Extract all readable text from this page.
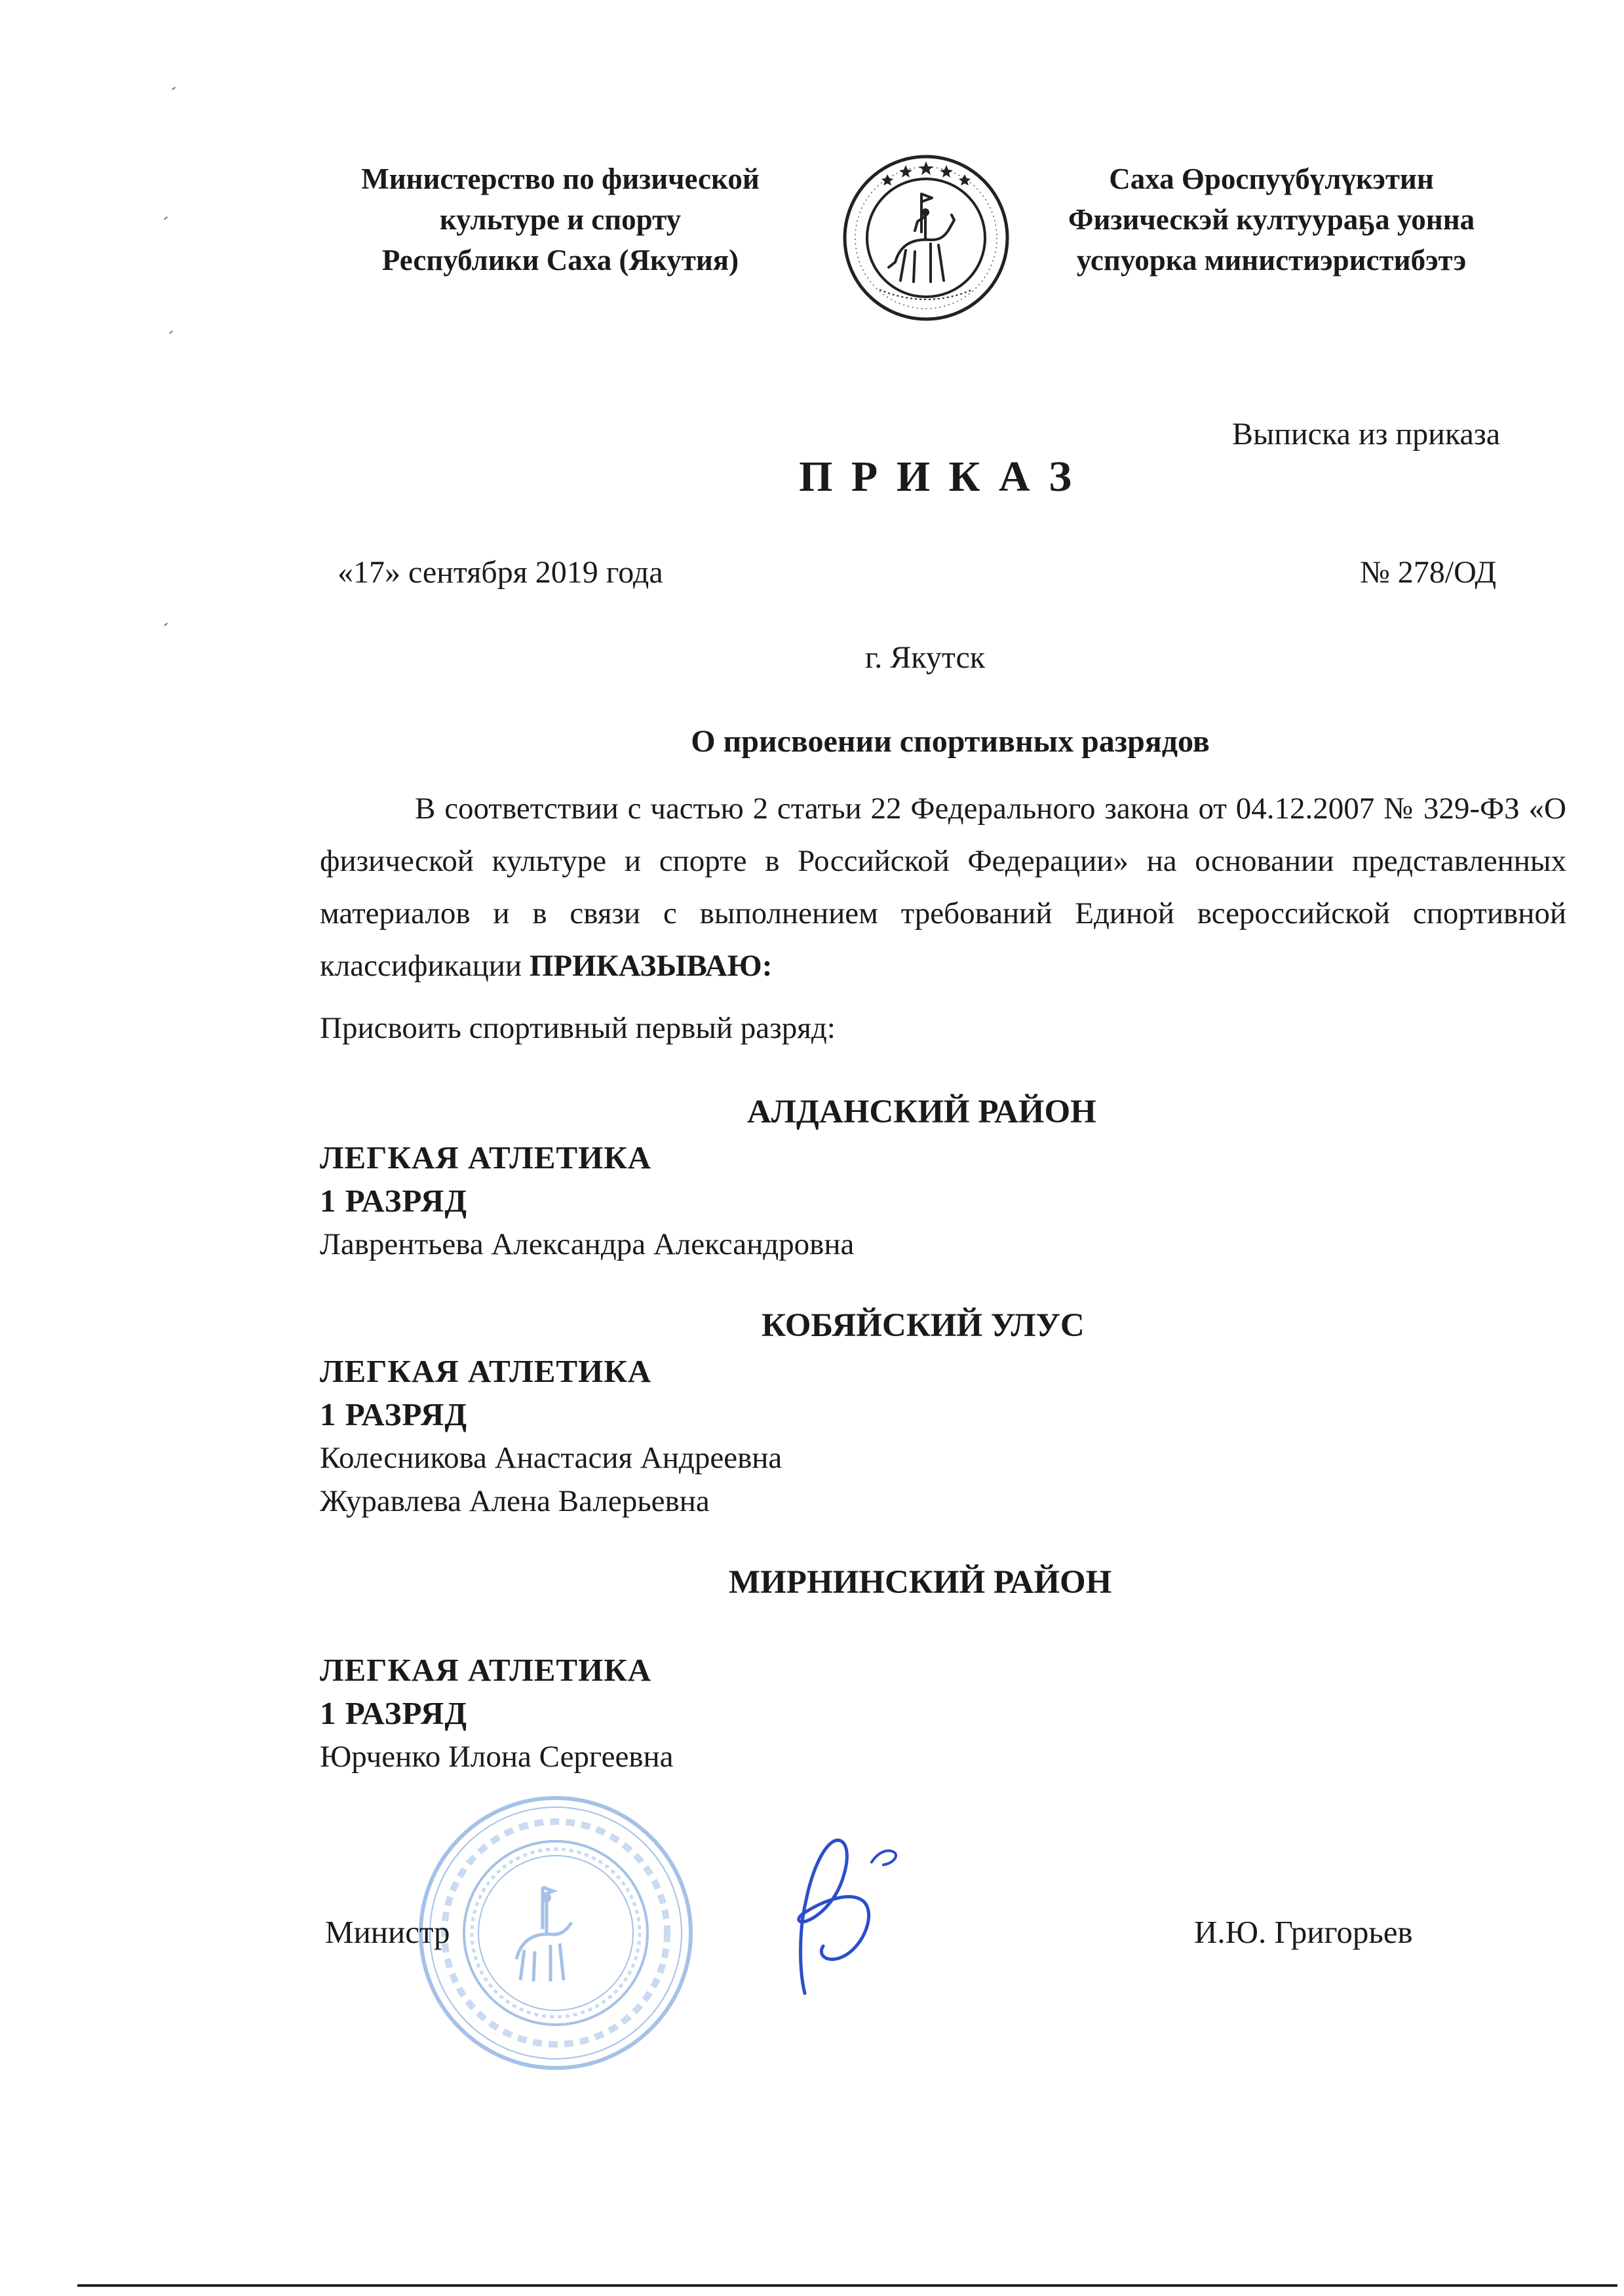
Министерство по физической
культуре и спорту
Республики Саха (Якутия)
Саха Өроспуүбүлүкэтин
Физическэй култуураҕа уонна
успуорка министиэристибэтэ
Выписка из приказа
П Р И К А З
«17» сентября 2019 года	№ 278/ОД
г. Якутск
О присвоении спортивных разрядов
В соответствии с частью 2 статьи 22 Федерального закона от 04.12.2007 № 329-ФЗ «О физической культуре и спорте в Российской Федерации» на основании представленных материалов и в связи с выполнением требований Единой всероссийской спортивной классификации ПРИКАЗЫВАЮ:
Присвоить спортивный первый разряд:
АЛДАНСКИЙ РАЙОН
ЛЕГКАЯ АТЛЕТИКА
1 РАЗРЯД
Лаврентьева Александра Александровна
КОБЯЙСКИЙ УЛУС
ЛЕГКАЯ АТЛЕТИКА
1 РАЗРЯД
Колесникова Анастасия Андреевна
Журавлева Алена Валерьевна
МИРНИНСКИЙ РАЙОН
ЛЕГКАЯ АТЛЕТИКА
1 РАЗРЯД
Юрченко Илона Сергеевна
Министр	И.Ю. Григорьев
